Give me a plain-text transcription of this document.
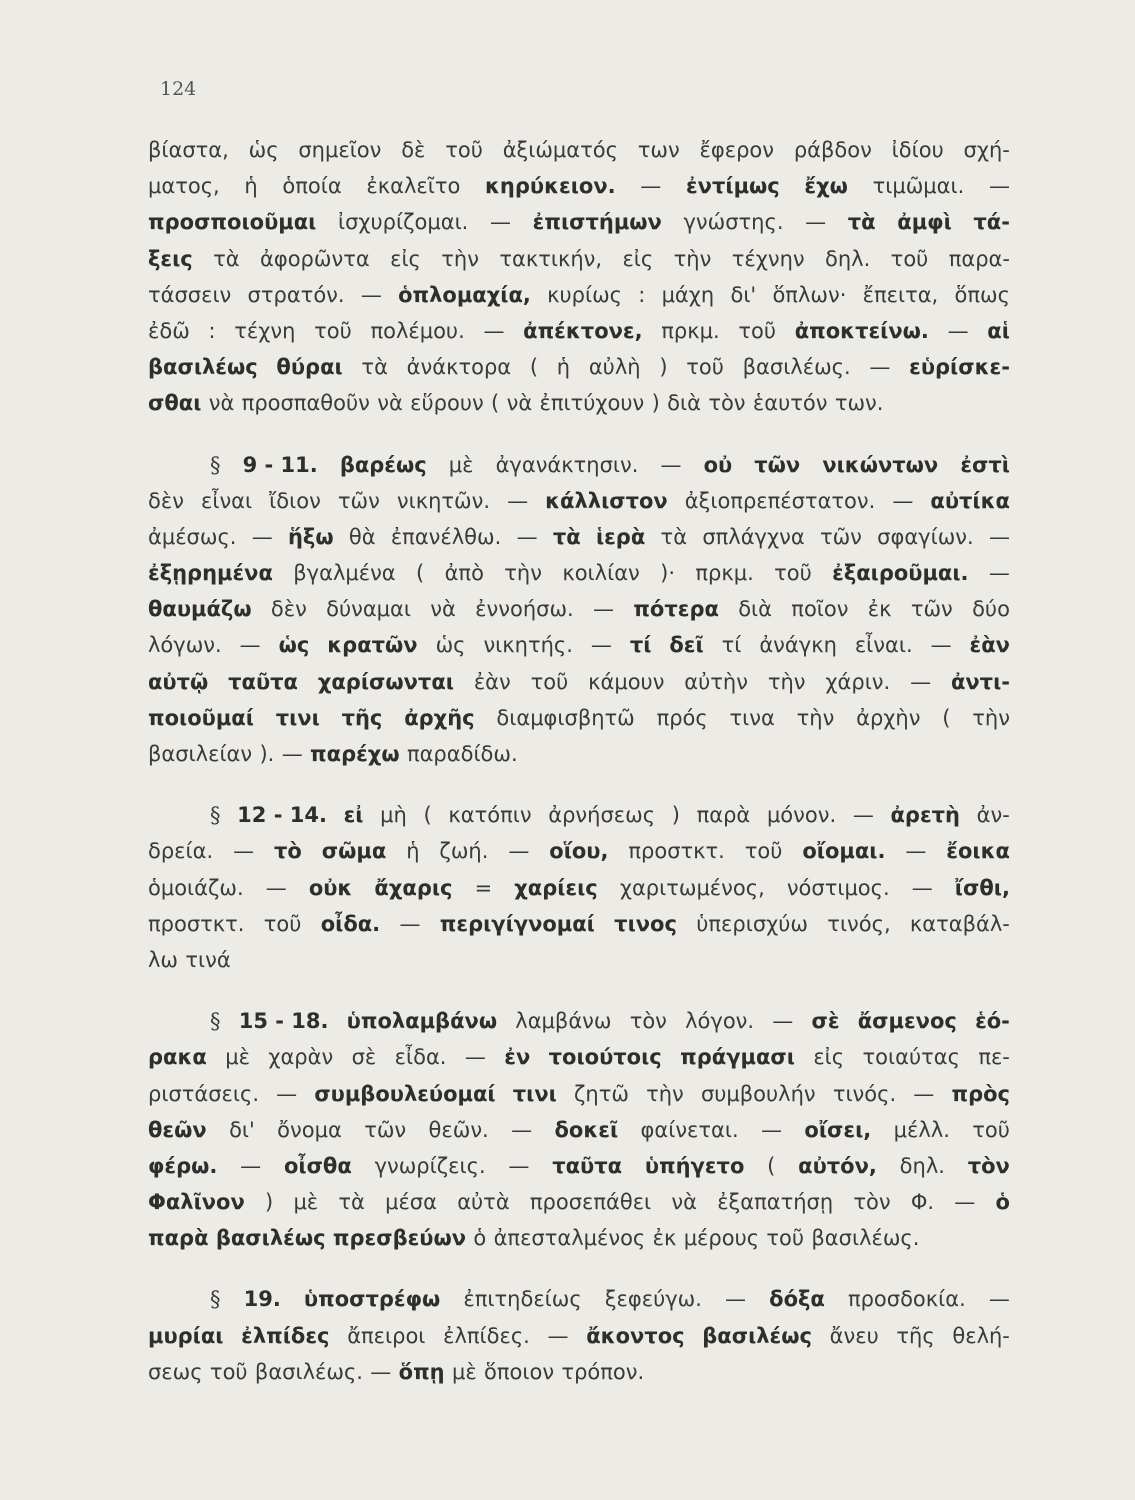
124
βίαστα, ὡς σημεῖον δὲ τοῦ ἀξιώματός των ἔφερον ράβδον ἰδίου σχή-
ματος, ἡ ὁποία ἐκαλεῖτο κηρύκειον. — ἐντίμως ἔχω τιμῶμαι. —
προσποιοῦμαι ἰσχυρίζομαι. — ἐπιστήμων γνώστης. — τὰ ἀμφὶ τά-
ξεις τὰ ἀφορῶντα εἰς τὴν τακτικήν, εἰς τὴν τέχνην δηλ. τοῦ παρα-
τάσσειν στρατόν. — ὁπλομαχία, κυρίως : μάχη δι' ὅπλων· ἔπειτα, ὅπως
ἐδῶ : τέχνη τοῦ πολέμου. — ἀπέκτονε, πρκμ. τοῦ ἀποκτείνω. — αἱ
βασιλέως θύραι τὰ ἀνάκτορα ( ἡ αὐλὴ ) τοῦ βασιλέως. — εὑρίσκε-
σθαι νὰ προσπαθοῦν νὰ εὕρουν ( νὰ ἐπιτύχουν ) διὰ τὸν ἑαυτόν των.
§ 9 - 11. βαρέως μὲ ἀγανάκτησιν. — οὐ τῶν νικώντων ἐστὶ
δὲν εἶναι ἴδιον τῶν νικητῶν. — κάλλιστον ἀξιοπρεπέστατον. — αὐτίκα
ἀμέσως. — ἥξω θὰ ἐπανέλθω. — τὰ ἱερὰ τὰ σπλάγχνα τῶν σφαγίων. —
ἐξῃρημένα βγαλμένα ( ἀπὸ τὴν κοιλίαν )· πρκμ. τοῦ ἐξαιροῦμαι. —
θαυμάζω δὲν δύναμαι νὰ ἐννοήσω. — πότερα διὰ ποῖον ἐκ τῶν δύο
λόγων. — ὡς κρατῶν ὡς νικητής. — τί δεῖ τί ἀνάγκη εἶναι. — ἐὰν
αὐτῷ ταῦτα χαρίσωνται ἐὰν τοῦ κάμουν αὐτὴν τὴν χάριν. — ἀντι-
ποιοῦμαί τινι τῆς ἀρχῆς διαμφισβητῶ πρός τινα τὴν ἀρχὴν ( τὴν
βασιλείαν ). — παρέχω παραδίδω.
§ 12 - 14. εἰ μὴ ( κατόπιν ἀρνήσεως ) παρὰ μόνον. — ἀρετὴ ἀν-
δρεία. — τὸ σῶμα ἡ ζωή. — οἵου, προστκτ. τοῦ οἴομαι. — ἔοικα
ὁμοιάζω. — οὐκ ἄχαρις = χαρίεις χαριτωμένος, νόστιμος. — ἴσθι,
προστκτ. τοῦ οἶδα. — περιγίγνομαί τινος ὑπερισχύω τινός, καταβάλ-
λω τινά
§ 15 - 18. ὑπολαμβάνω λαμβάνω τὸν λόγον. — σὲ ἄσμενος ἑό-
ρακα μὲ χαρὰν σὲ εἶδα. — ἐν τοιούτοις πράγμασι εἰς τοιαύτας πε-
ριστάσεις. — συμβουλεύομαί τινι ζητῶ τὴν συμβουλήν τινός. — πρὸς
θεῶν δι' ὄνομα τῶν θεῶν. — δοκεῖ φαίνεται. — οἴσει, μέλλ. τοῦ
φέρω. — οἶσθα γνωρίζεις. — ταῦτα ὑπήγετο ( αὐτόν, δηλ. τὸν
Φαλῖνον ) μὲ τὰ μέσα αὐτὰ προσεπάθει νὰ ἐξαπατήσῃ τὸν Φ. — ὁ
παρὰ βασιλέως πρεσβεύων ὁ ἀπεσταλμένος ἐκ μέρους τοῦ βασιλέως.
§ 19. ὑποστρέφω ἐπιτηδείως ξεφεύγω. — δόξα προσδοκία. —
μυρίαι ἐλπίδες ἄπειροι ἐλπίδες. — ἄκοντος βασιλέως ἄνευ τῆς θελή-
σεως τοῦ βασιλέως. — ὅπῃ μὲ ὅποιον τρόπον.
